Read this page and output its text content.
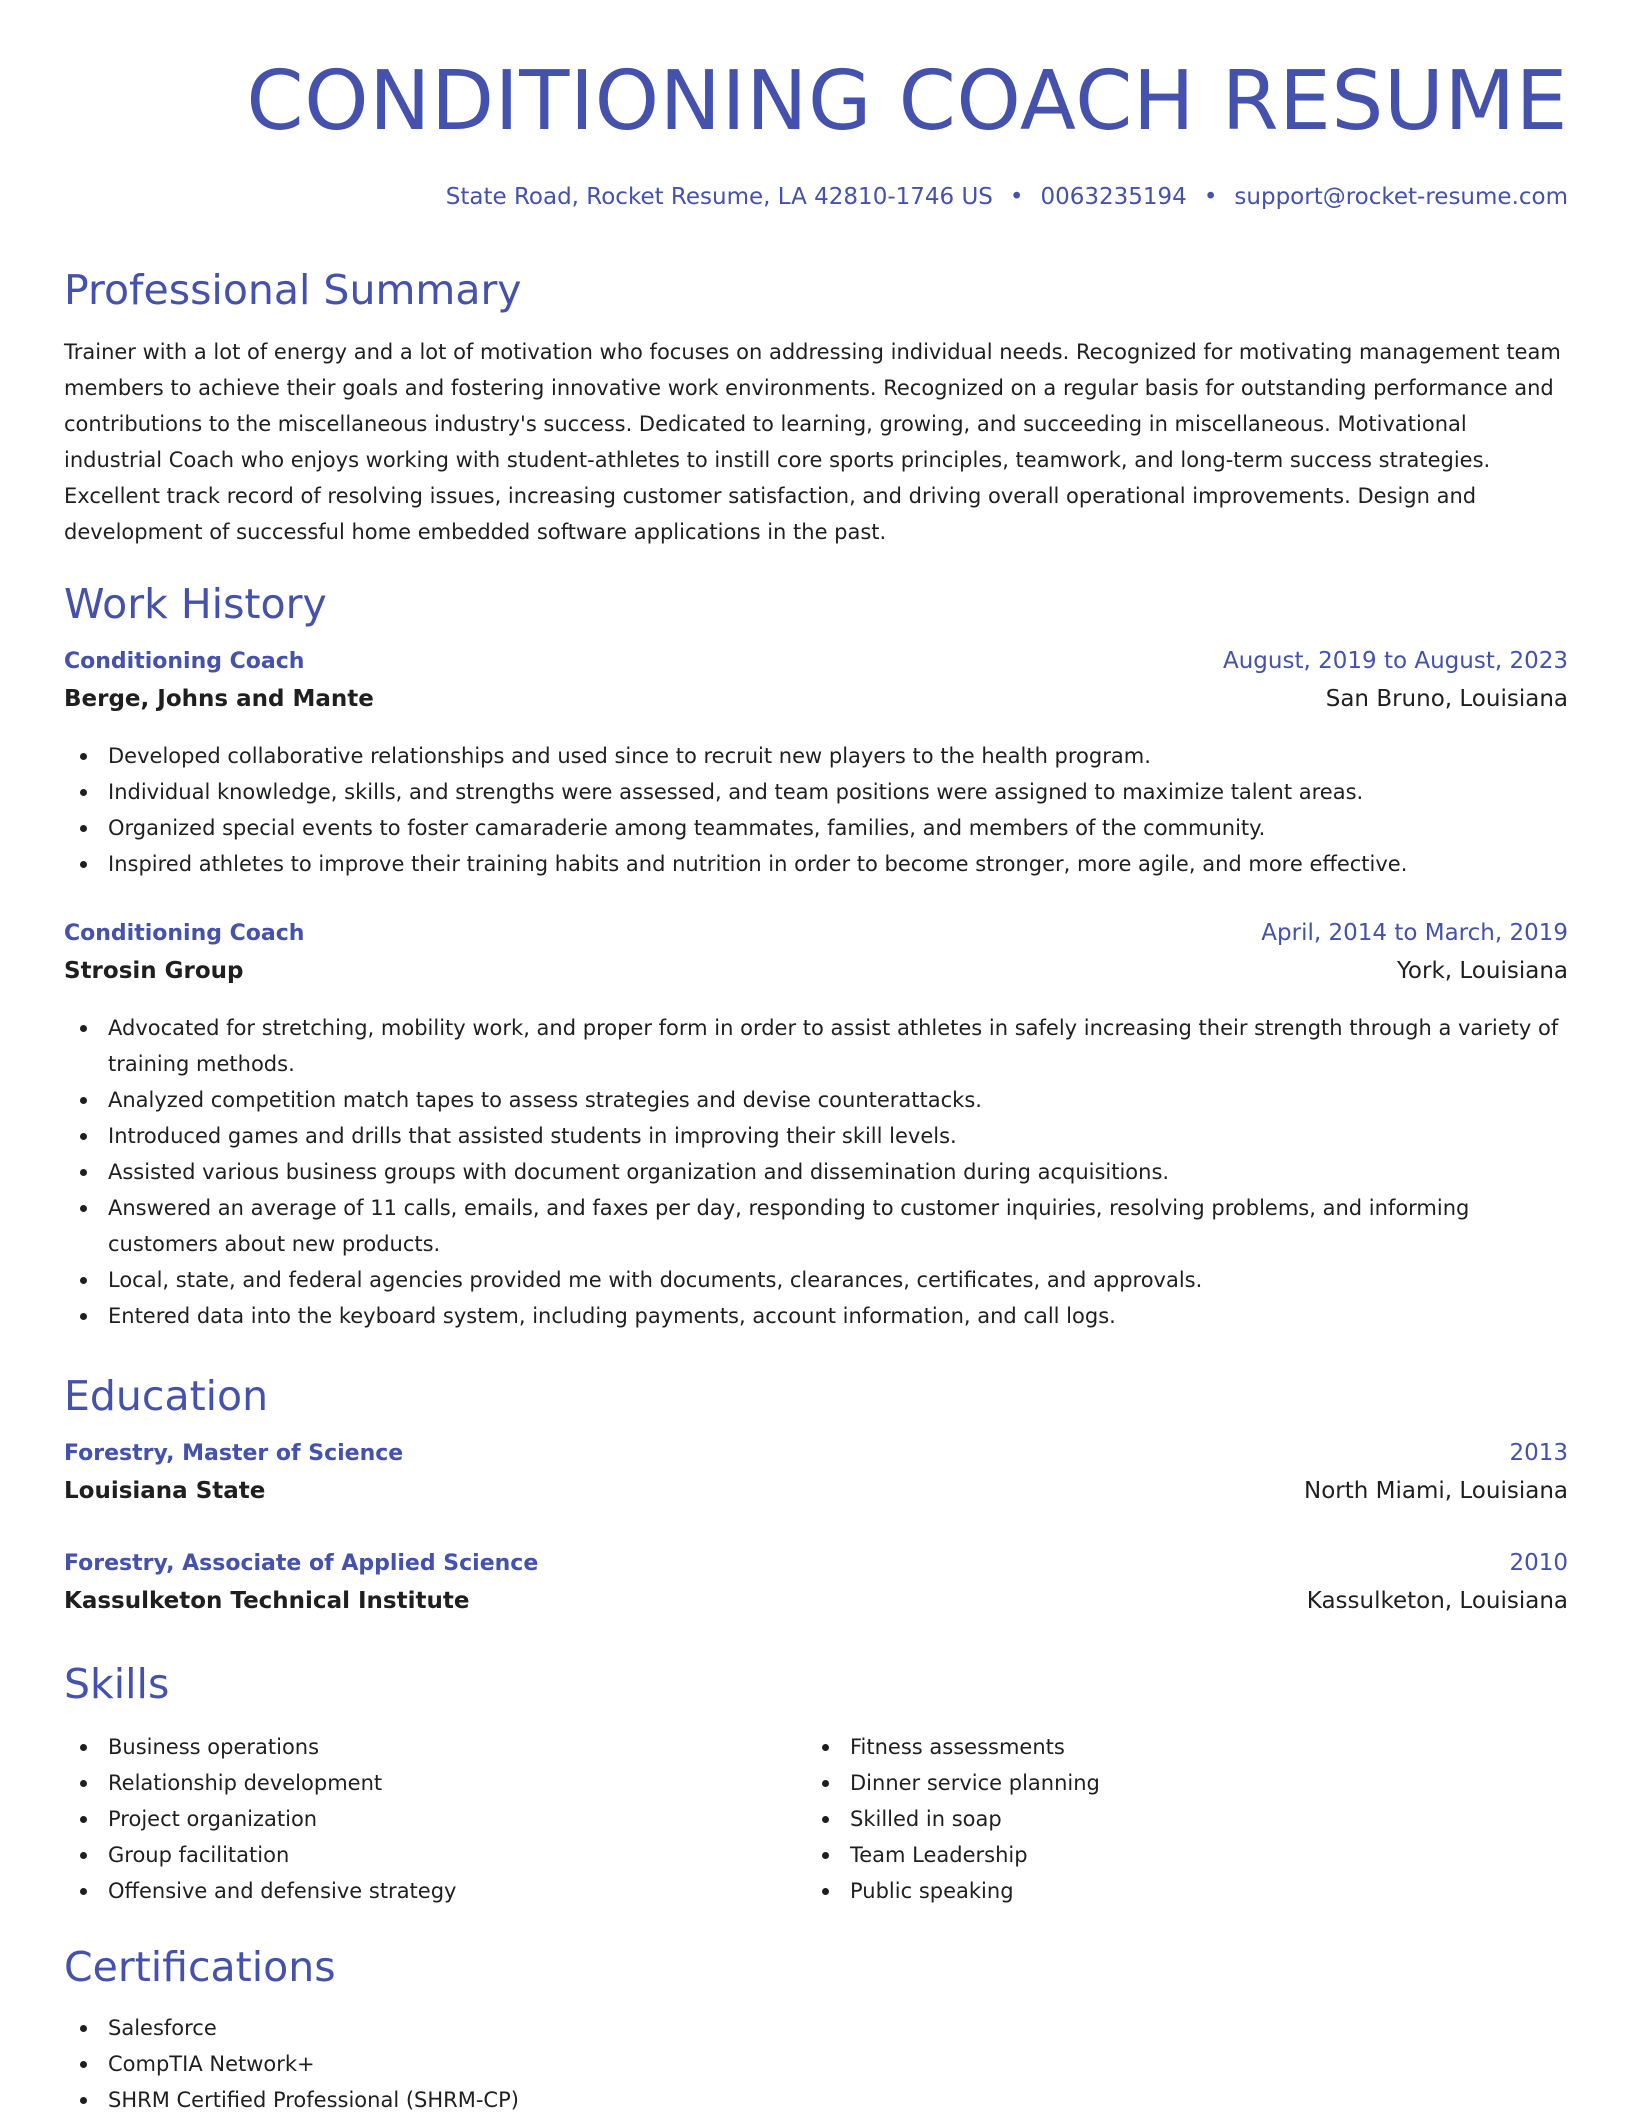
CONDITIONING COACH RESUME
State Road, Rocket Resume, LA 42810-1746 US • 0063235194 • support@rocket-resume.com
Professional Summary
Trainer with a lot of energy and a lot of motivation who focuses on addressing individual needs. Recognized for motivating management team members to achieve their goals and fostering innovative work environments. Recognized on a regular basis for outstanding performance and contributions to the miscellaneous industry's success. Dedicated to learning, growing, and succeeding in miscellaneous. Motivational industrial Coach who enjoys working with student-athletes to instill core sports principles, teamwork, and long-term success strategies. Excellent track record of resolving issues, increasing customer satisfaction, and driving overall operational improvements. Design and development of successful home embedded software applications in the past.
Work History
Conditioning Coach	August, 2019 to August, 2023
Berge, Johns and Mante	San Bruno, Louisiana
Developed collaborative relationships and used since to recruit new players to the health program.
Individual knowledge, skills, and strengths were assessed, and team positions were assigned to maximize talent areas.
Organized special events to foster camaraderie among teammates, families, and members of the community.
Inspired athletes to improve their training habits and nutrition in order to become stronger, more agile, and more effective.
Conditioning Coach	April, 2014 to March, 2019
Strosin Group	York, Louisiana
Advocated for stretching, mobility work, and proper form in order to assist athletes in safely increasing their strength through a variety of training methods.
Analyzed competition match tapes to assess strategies and devise counterattacks.
Introduced games and drills that assisted students in improving their skill levels.
Assisted various business groups with document organization and dissemination during acquisitions.
Answered an average of 11 calls, emails, and faxes per day, responding to customer inquiries, resolving problems, and informing customers about new products.
Local, state, and federal agencies provided me with documents, clearances, certificates, and approvals.
Entered data into the keyboard system, including payments, account information, and call logs.
Education
Forestry, Master of Science	2013
Louisiana State	North Miami, Louisiana
Forestry, Associate of Applied Science	2010
Kassulketon Technical Institute	Kassulketon, Louisiana
Skills
Business operations
Relationship development
Project organization
Group facilitation
Offensive and defensive strategy
Fitness assessments
Dinner service planning
Skilled in soap
Team Leadership
Public speaking
Certifications
Salesforce
CompTIA Network+
SHRM Certified Professional (SHRM-CP)
